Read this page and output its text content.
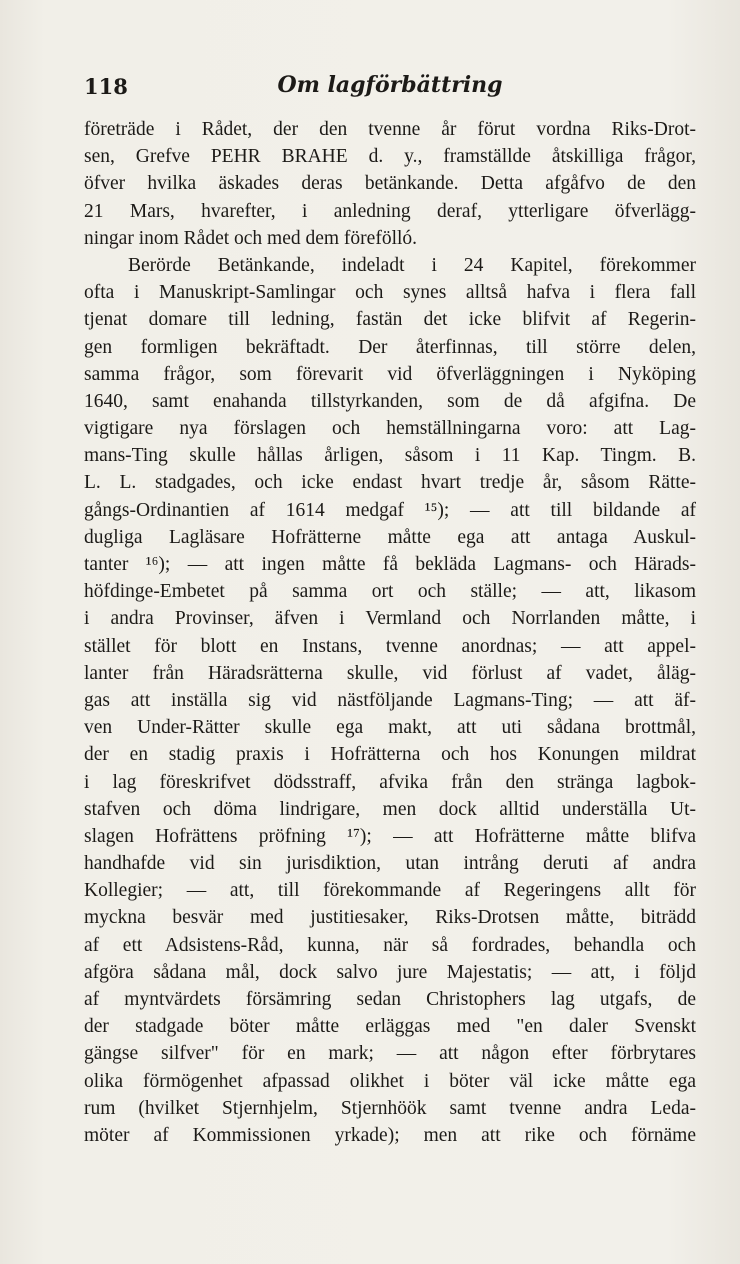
118	Om lagförbättring
företräde i Rådet, der den tvenne år förut vordna Riks-Drot-
sen, Grefve PEHR BRAHE d. y., framställde åtskilliga frågor,
öfver hvilka äskades deras betänkande. Detta afgåfvo de den
21 Mars, hvarefter, i anledning deraf, ytterligare öfverlägg-
ningar inom Rådet och med dem förefölló.
Berörde Betänkande, indeladt i 24 Kapitel, förekommer
ofta i Manuskript-Samlingar och synes alltså hafva i flera fall
tjenat domare till ledning, fastän det icke blifvit af Regerin-
gen formligen bekräftadt. Der återfinnas, till större delen,
samma frågor, som förevarit vid öfverläggningen i Nyköping
1640, samt enahanda tillstyrkanden, som de då afgifna. De
vigtigare nya förslagen och hemställningarna voro: att Lag-
mans-Ting skulle hållas årligen, såsom i 11 Kap. Tingm. B.
L. L. stadgades, och icke endast hvart tredje år, såsom Rätte-
gångs-Ordinantien af 1614 medgaf ¹⁵); — att till bildande af
dugliga Lagläsare Hofrätterne måtte ega att antaga Auskul-
tanter ¹⁶); — att ingen måtte få bekläda Lagmans- och Härads-
höfdinge-Embetet på samma ort och ställe; — att, likasom
i andra Provinser, äfven i Vermland och Norrlanden måtte, i
stället för blott en Instans, tvenne anordnas; — att appel-
lanter från Häradsrätterna skulle, vid förlust af vadet, åläg-
gas att inställa sig vid nästföljande Lagmans-Ting; — att äf-
ven Under-Rätter skulle ega makt, att uti sådana brottmål,
der en stadig praxis i Hofrätterna och hos Konungen mildrat
i lag föreskrifvet dödsstraff, afvika från den stränga lagbok-
stafven och döma lindrigare, men dock alltid underställa Ut-
slagen Hofrättens pröfning ¹⁷); — att Hofrätterne måtte blifva
handhafde vid sin jurisdiktion, utan intrång deruti af andra
Kollegier; — att, till förekommande af Regeringens allt för
myckna besvär med justitiesaker, Riks-Drotsen måtte, biträdd
af ett Adsistens-Råd, kunna, när så fordrades, behandla och
afgöra sådana mål, dock salvo jure Majestatis; — att, i följd
af myntvärdets försämring sedan Christophers lag utgafs, de
der stadgade böter måtte erläggas med "en daler Svenskt
gängse silfver" för en mark; — att någon efter förbrytares
olika förmögenhet afpassad olikhet i böter väl icke måtte ega
rum (hvilket Stjernhjelm, Stjernhöök samt tvenne andra Leda-
möter af Kommissionen yrkade); men att rike och förnäme
